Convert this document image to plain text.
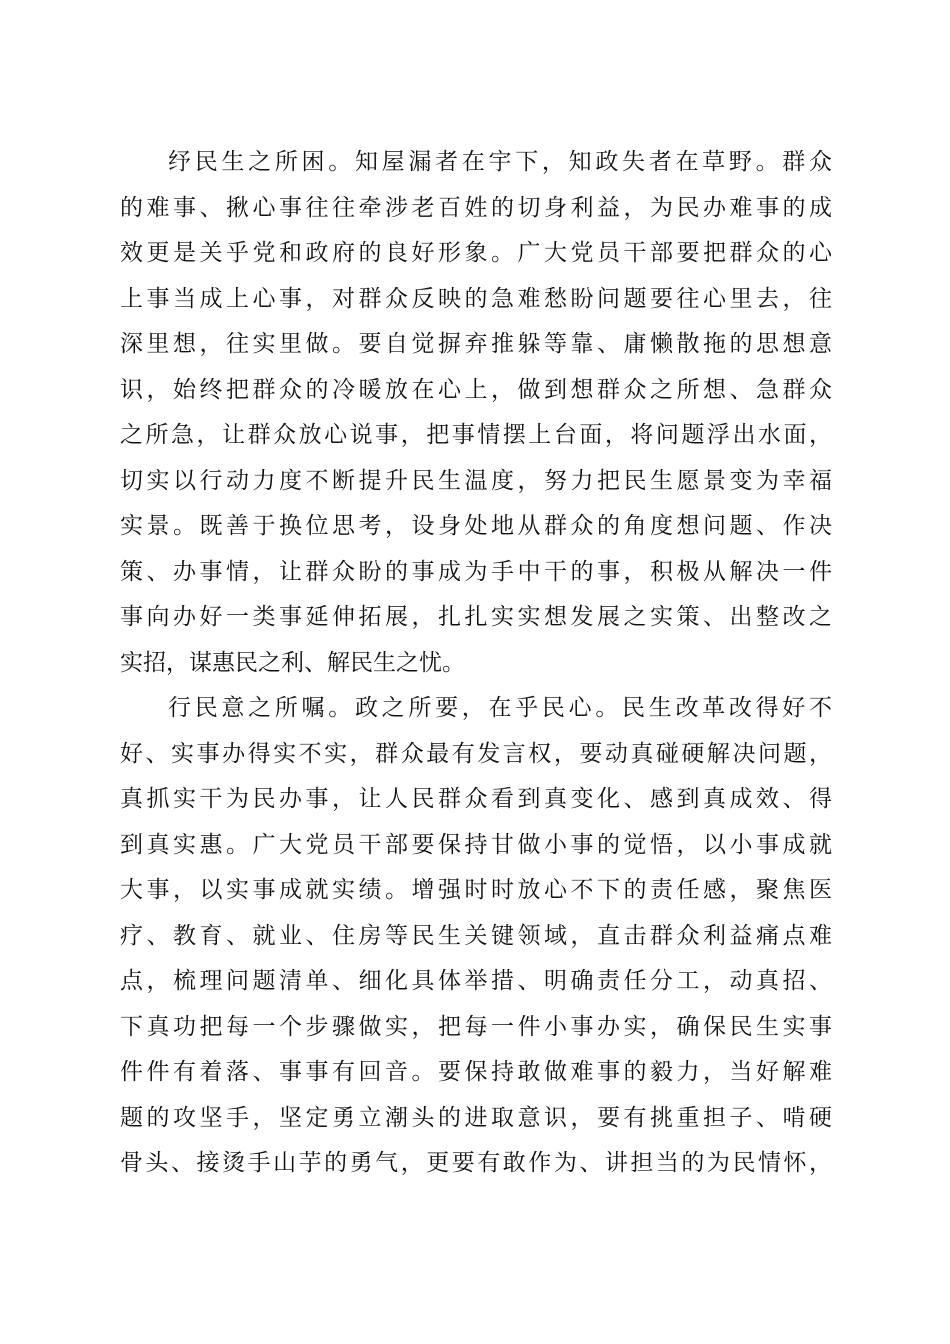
纾民生之所困。知屋漏者在宇下，知政失者在草野。群众
的难事、揪心事往往牵涉老百姓的切身利益，为民办难事的成
效更是关乎党和政府的良好形象。广大党员干部要把群众的心
上事当成上心事，对群众反映的急难愁盼问题要往心里去，往
深里想，往实里做。要自觉摒弃推躲等靠、庸懒散拖的思想意
识，始终把群众的冷暖放在心上，做到想群众之所想、急群众
之所急，让群众放心说事，把事情摆上台面，将问题浮出水面，
切实以行动力度不断提升民生温度，努力把民生愿景变为幸福
实景。既善于换位思考，设身处地从群众的角度想问题、作决
策、办事情，让群众盼的事成为手中干的事，积极从解决一件
事向办好一类事延伸拓展，扎扎实实想发展之实策、出整改之
实招，谋惠民之利、解民生之忧。
行民意之所嘱。政之所要，在乎民心。民生改革改得好不
好、实事办得实不实，群众最有发言权，要动真碰硬解决问题，
真抓实干为民办事，让人民群众看到真变化、感到真成效、得
到真实惠。广大党员干部要保持甘做小事的觉悟，以小事成就
大事，以实事成就实绩。增强时时放心不下的责任感，聚焦医
疗、教育、就业、住房等民生关键领域，直击群众利益痛点难
点，梳理问题清单、细化具体举措、明确责任分工，动真招、
下真功把每一个步骤做实，把每一件小事办实，确保民生实事
件件有着落、事事有回音。要保持敢做难事的毅力，当好解难
题的攻坚手，坚定勇立潮头的进取意识，要有挑重担子、啃硬
骨头、接烫手山芋的勇气，更要有敢作为、讲担当的为民情怀，
